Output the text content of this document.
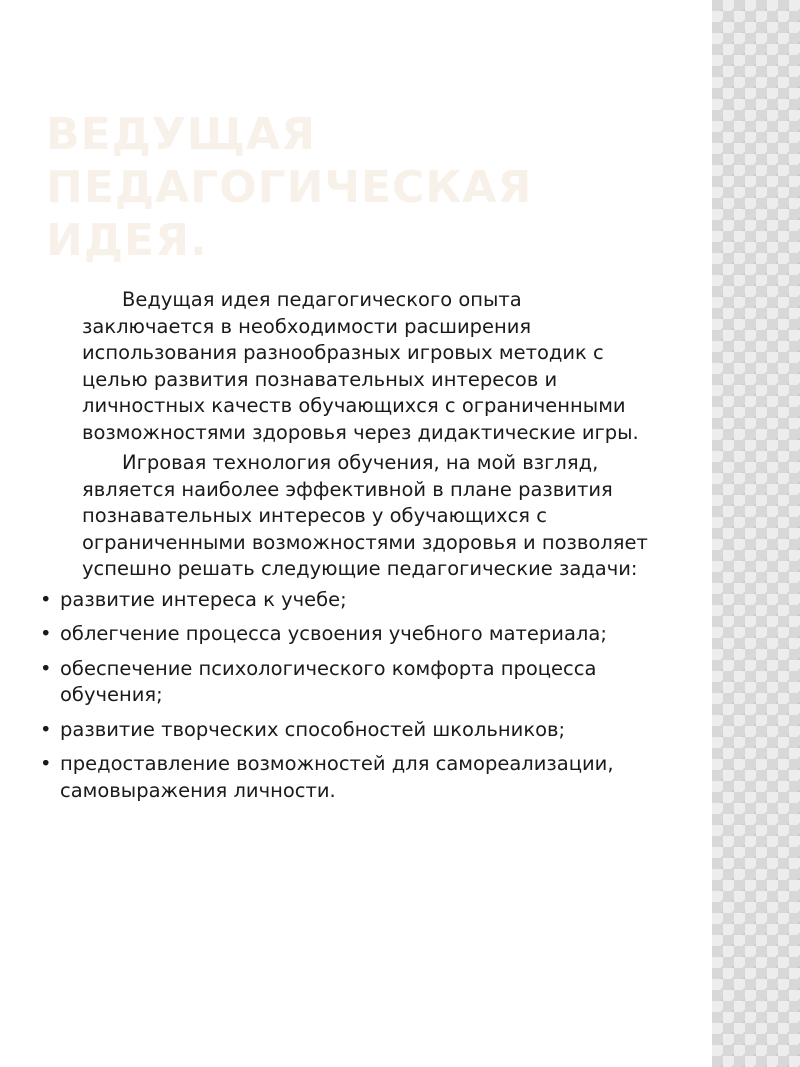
ВЕДУЩАЯ ПЕДАГОГИЧЕСКАЯ ИДЕЯ.

Ведущая идея педагогического опыта заключается в необходимости расширения использования разнообразных игровых методик с целью развития познавательных интересов и личностных качеств обучающихся с ограниченными возможностями здоровья через дидактические игры.

Игровая технология обучения, на мой взгляд, является наиболее эффективной в плане развития познавательных интересов у обучающихся с ограниченными возможностями здоровья и позволяет успешно решать следующие педагогические задачи:

• развитие интереса к учебе;
• облегчение процесса усвоения учебного материала;
• обеспечение психологического комфорта процесса обучения;
• развитие творческих способностей школьников;
• предоставление возможностей для самореализации, самовыражения личности.
